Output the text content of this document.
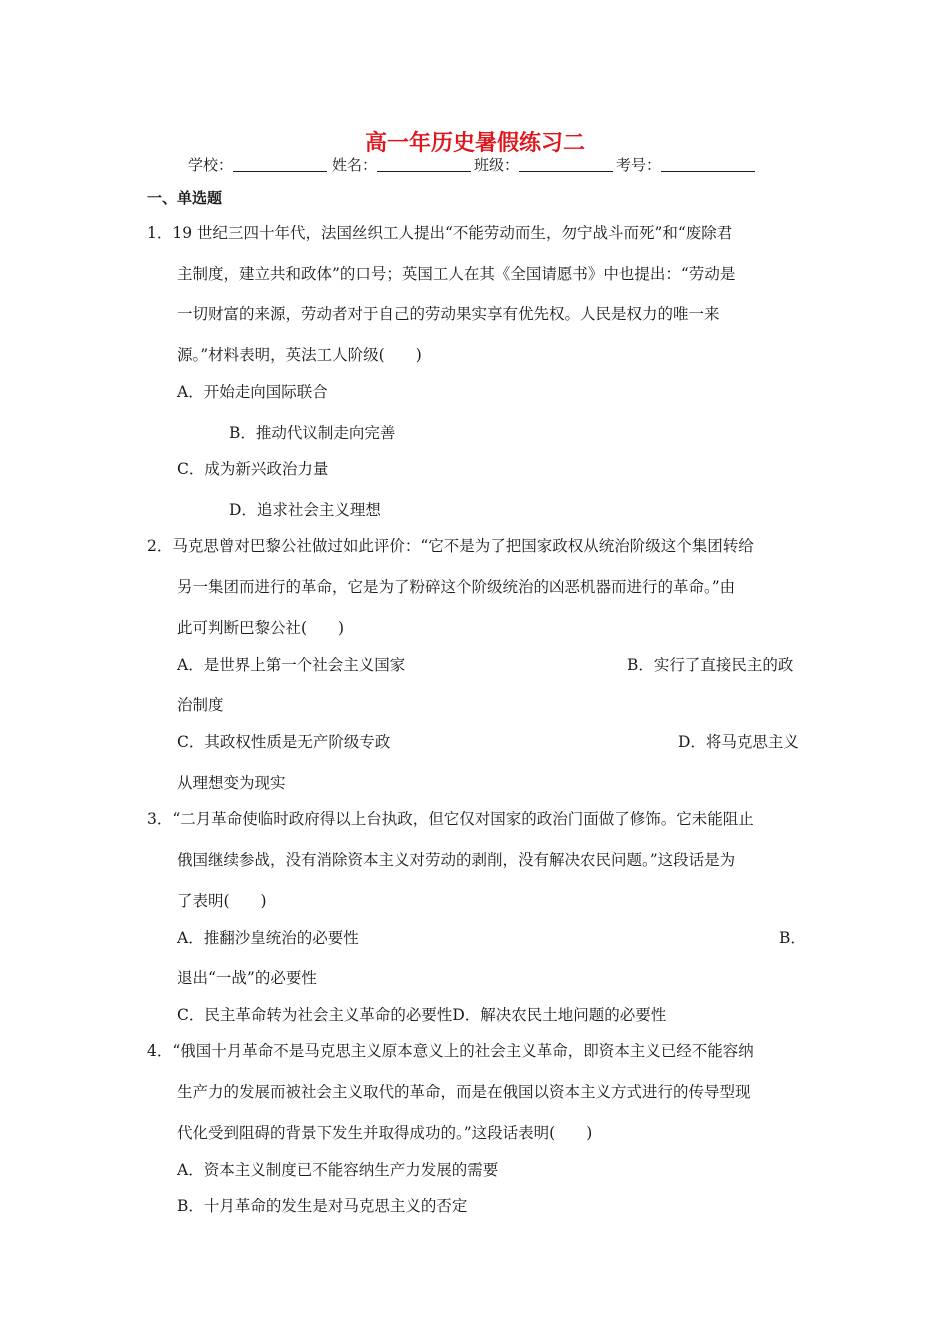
高一年历史暑假练习二
学校：	姓名：	班级：	考号：
一、单选题
1．19 世纪三四十年代，法国丝织工人提出“不能劳动而生，勿宁战斗而死”和“废除君
主制度，建立共和政体”的口号；英国工人在其《全国请愿书》中也提出：“劳动是
一切财富的来源，劳动者对于自己的劳动果实享有优先权。人民是权力的唯一来
源。”材料表明，英法工人阶级(　　)
A．开始走向国际联合
B．推动代议制走向完善
C．成为新兴政治力量
D．追求社会主义理想
2．马克思曾对巴黎公社做过如此评价：“它不是为了把国家政权从统治阶级这个集团转给
另一集团而进行的革命，它是为了粉碎这个阶级统治的凶恶机器而进行的革命。”由
此可判断巴黎公社(　　)
A．是世界上第一个社会主义国家	B．实行了直接民主的政
治制度
C．其政权性质是无产阶级专政	D．将马克思主义
从理想变为现实
3．“二月革命使临时政府得以上台执政，但它仅对国家的政治门面做了修饰。它未能阻止
俄国继续参战，没有消除资本主义对劳动的剥削，没有解决农民问题。”这段话是为
了表明(　　)
A．推翻沙皇统治的必要性	B．
退出“一战”的必要性
C．民主革命转为社会主义革命的必要性D．解决农民土地问题的必要性
4．“俄国十月革命不是马克思主义原本意义上的社会主义革命，即资本主义已经不能容纳
生产力的发展而被社会主义取代的革命，而是在俄国以资本主义方式进行的传导型现
代化受到阻碍的背景下发生并取得成功的。”这段话表明(　　)
A．资本主义制度已不能容纳生产力发展的需要
B．十月革命的发生是对马克思主义的否定
